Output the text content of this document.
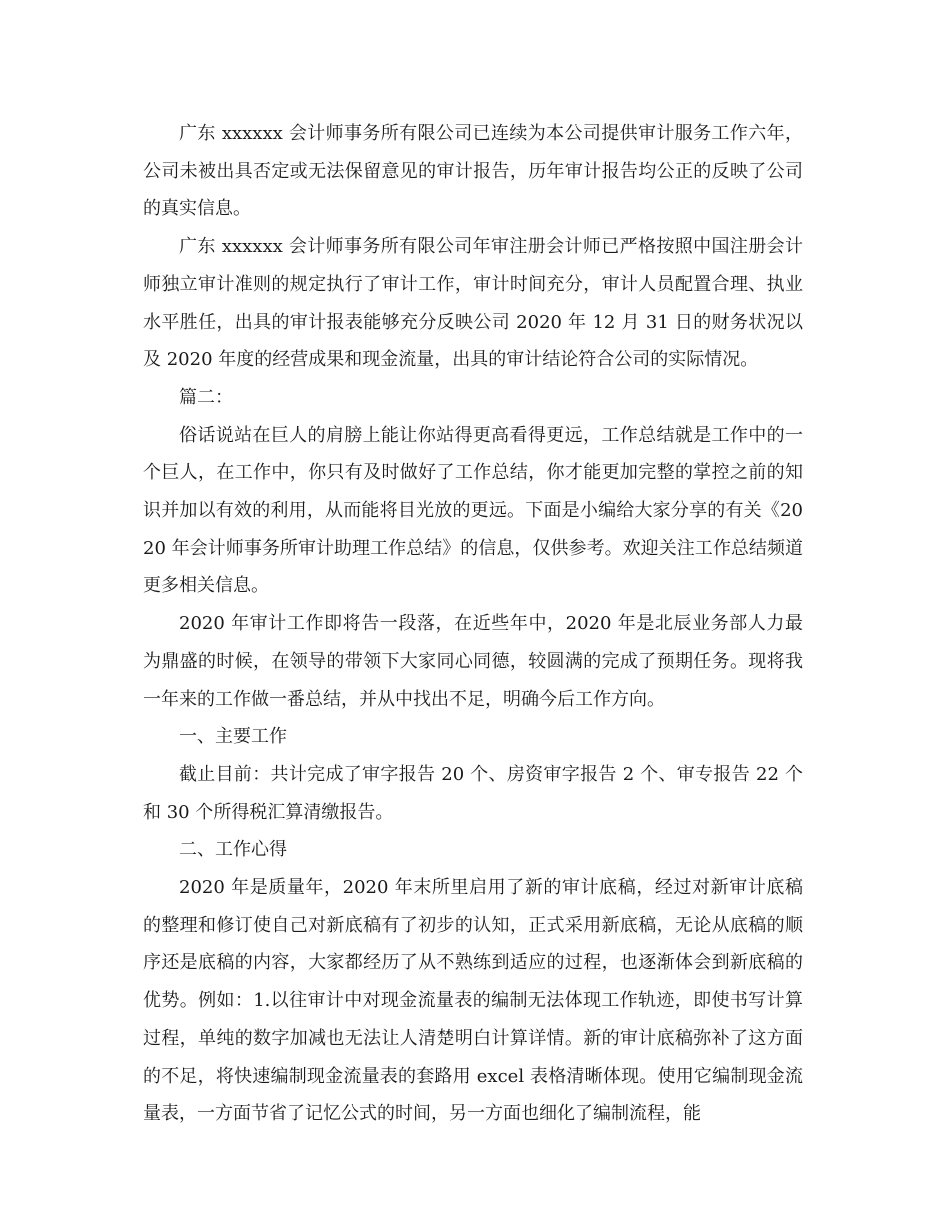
广东 xxxxxx 会计师事务所有限公司已连续为本公司提供审计服务工作六年，公司未被出具否定或无法保留意见的审计报告，历年审计报告均公正的反映了公司的真实信息。

广东 xxxxxx 会计师事务所有限公司年审注册会计师已严格按照中国注册会计师独立审计准则的规定执行了审计工作，审计时间充分，审计人员配置合理、执业水平胜任，出具的审计报表能够充分反映公司 2020 年 12 月 31 日的财务状况以及 2020 年度的经营成果和现金流量，出具的审计结论符合公司的实际情况。

篇二：

俗话说站在巨人的肩膀上能让你站得更高看得更远，工作总结就是工作中的一个巨人，在工作中，你只有及时做好了工作总结，你才能更加完整的掌控之前的知识并加以有效的利用，从而能将目光放的更远。下面是小编给大家分享的有关《2020 年会计师事务所审计助理工作总结》的信息，仅供参考。欢迎关注工作总结频道更多相关信息。

2020 年审计工作即将告一段落，在近些年中，2020 年是北辰业务部人力最为鼎盛的时候，在领导的带领下大家同心同德，较圆满的完成了预期任务。现将我一年来的工作做一番总结，并从中找出不足，明确今后工作方向。

一、主要工作

截止目前：共计完成了审字报告 20 个、房资审字报告 2 个、审专报告 22 个和 30 个所得税汇算清缴报告。

二、工作心得

2020 年是质量年，2020 年末所里启用了新的审计底稿，经过对新审计底稿的整理和修订使自己对新底稿有了初步的认知，正式采用新底稿，无论从底稿的顺序还是底稿的内容，大家都经历了从不熟练到适应的过程，也逐渐体会到新底稿的优势。例如：1.以往审计中对现金流量表的编制无法体现工作轨迹，即使书写计算过程，单纯的数字加减也无法让人清楚明白计算详情。新的审计底稿弥补了这方面的不足，将快速编制现金流量表的套路用 excel 表格清晰体现。使用它编制现金流量表，一方面节省了记忆公式的时间，另一方面也细化了编制流程，能
